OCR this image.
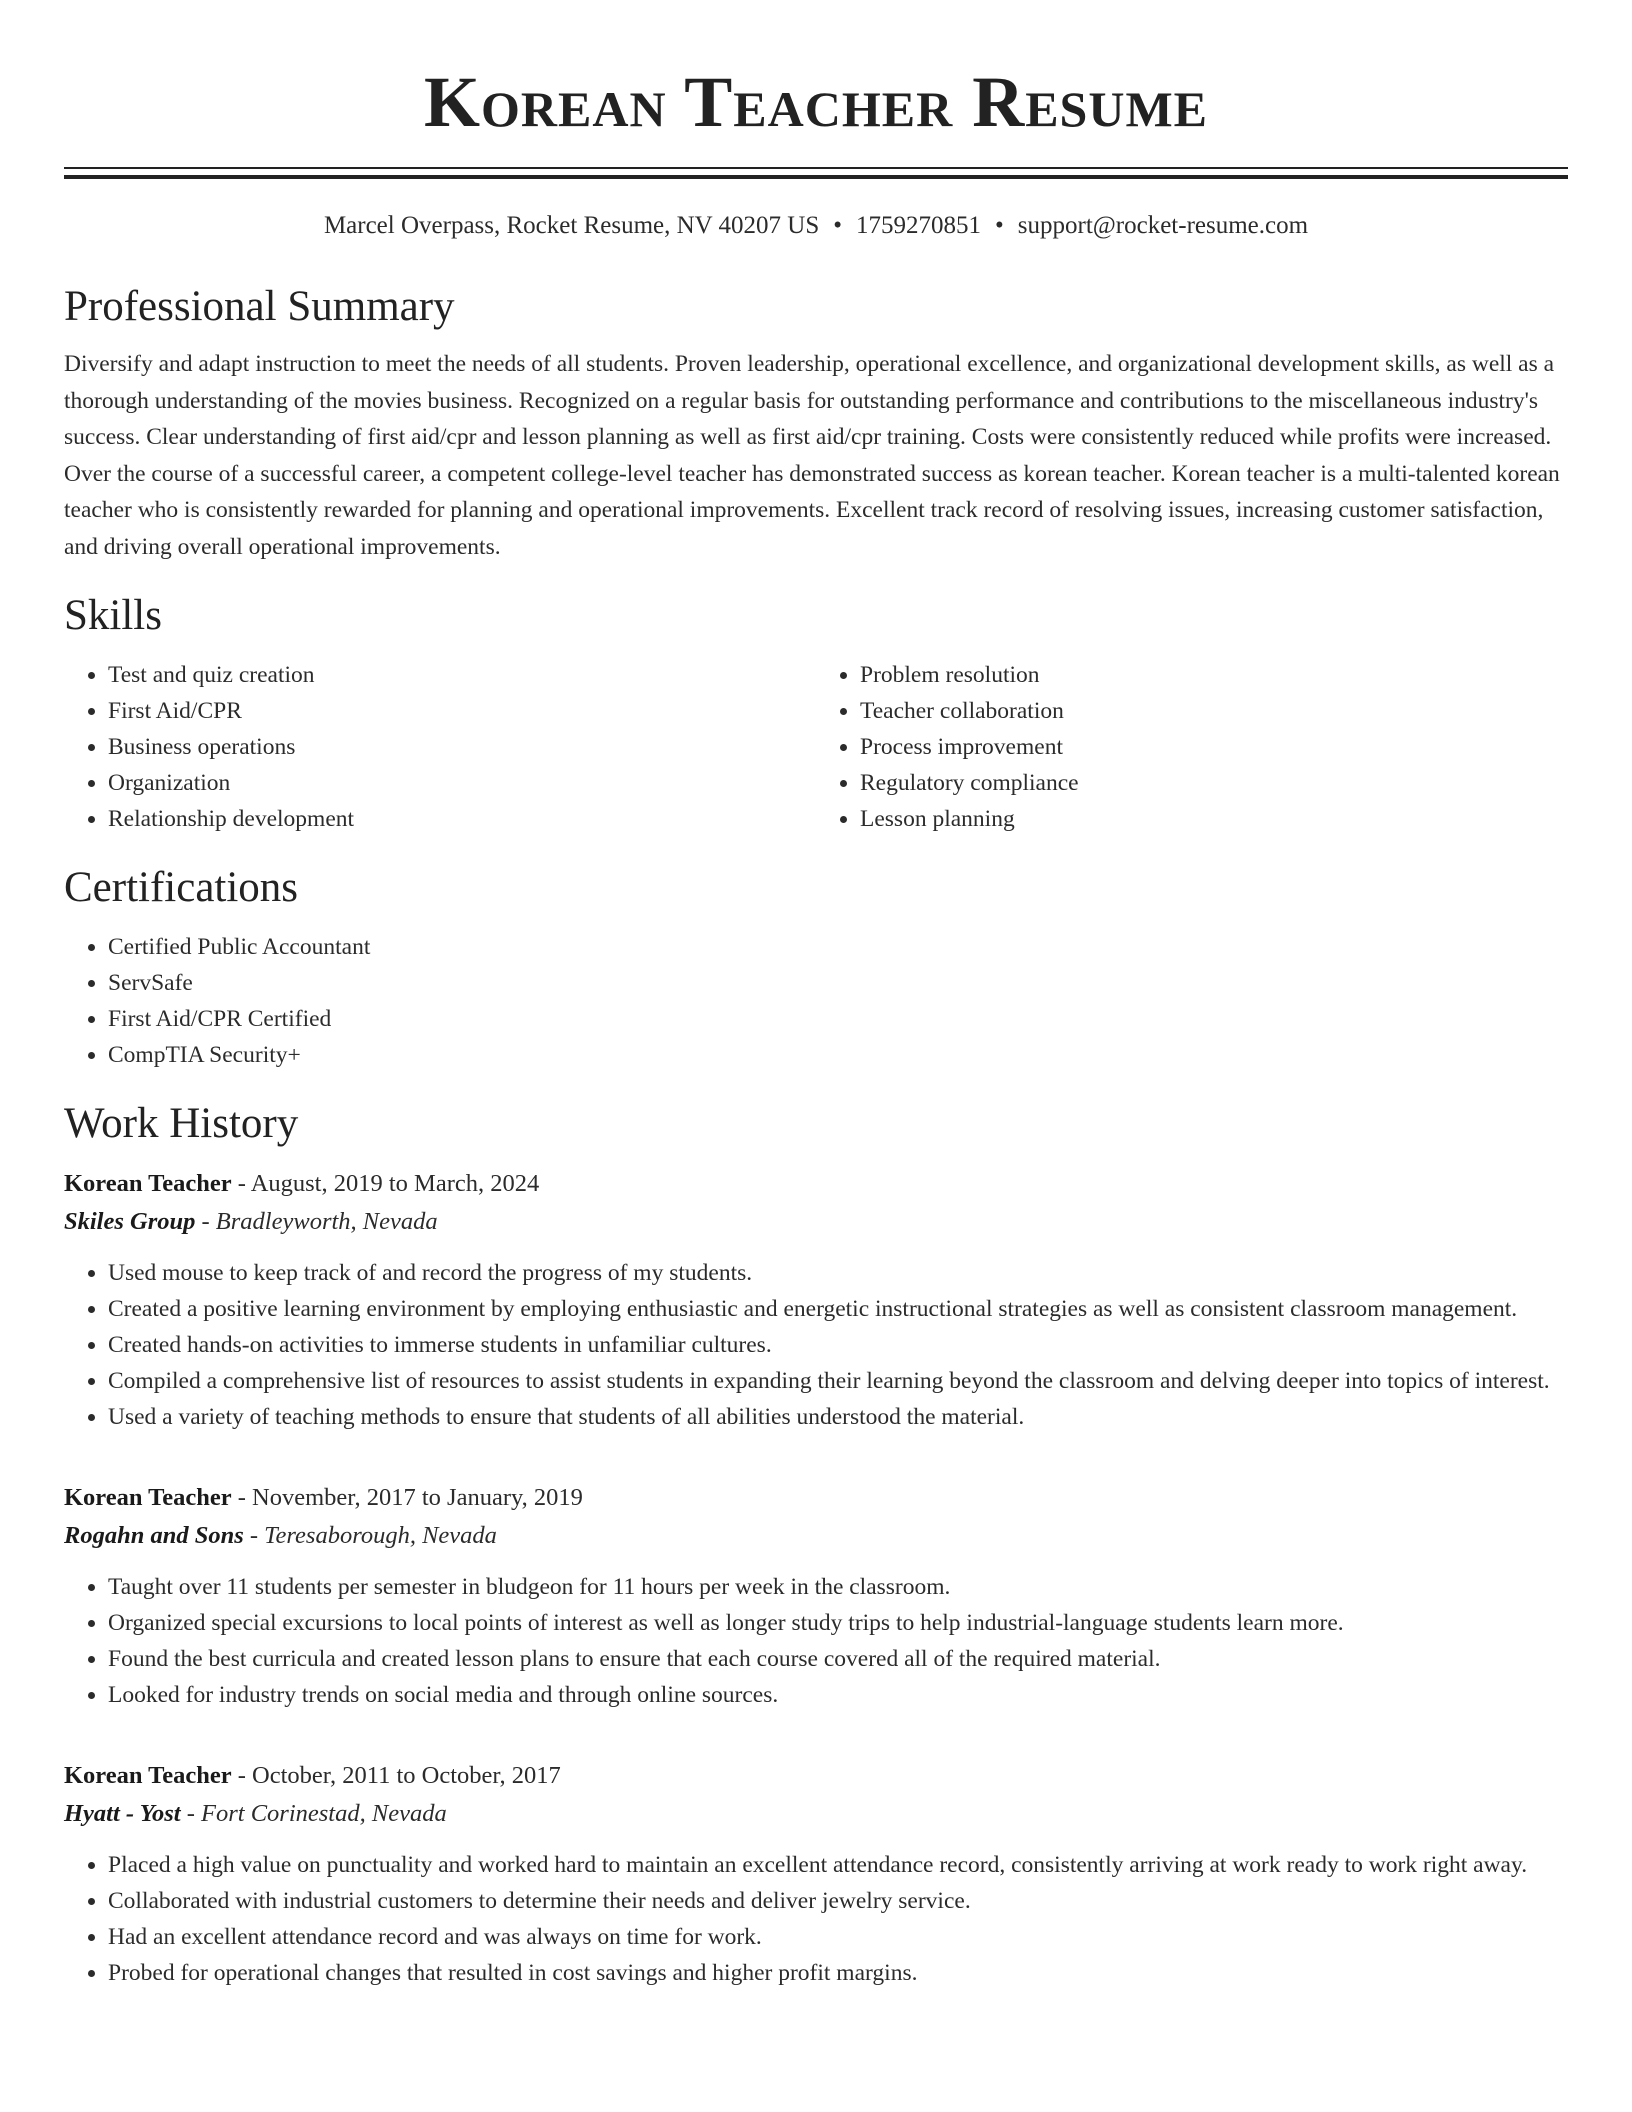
Korean Teacher Resume
Marcel Overpass, Rocket Resume, NV 40207 US • 1759270851 • support@rocket-resume.com
Professional Summary

Diversify and adapt instruction to meet the needs of all students. Proven leadership, operational excellence, and organizational development skills, as well as a thorough understanding of the movies business. Recognized on a regular basis for outstanding performance and contributions to the miscellaneous industry's success. Clear understanding of first aid/cpr and lesson planning as well as first aid/cpr training. Costs were consistently reduced while profits were increased. Over the course of a successful career, a competent college-level teacher has demonstrated success as korean teacher. Korean teacher is a multi-talented korean teacher who is consistently rewarded for planning and operational improvements. Excellent track record of resolving issues, increasing customer satisfaction, and driving overall operational improvements.

Skills
• Test and quiz creation
• First Aid/CPR
• Business operations
• Organization
• Relationship development
• Problem resolution
• Teacher collaboration
• Process improvement
• Regulatory compliance
• Lesson planning
Certifications
• Certified Public Accountant
• ServSafe
• First Aid/CPR Certified
• CompTIA Security+
Work History
Korean Teacher - August, 2019 to March, 2024
Skiles Group - Bradleyworth, Nevada
• Used mouse to keep track of and record the progress of my students.
• Created a positive learning environment by employing enthusiastic and energetic instructional strategies as well as consistent classroom management.
• Created hands-on activities to immerse students in unfamiliar cultures.
• Compiled a comprehensive list of resources to assist students in expanding their learning beyond the classroom and delving deeper into topics of interest.
• Used a variety of teaching methods to ensure that students of all abilities understood the material.
Korean Teacher - November, 2017 to January, 2019
Rogahn and Sons - Teresaborough, Nevada
• Taught over 11 students per semester in bludgeon for 11 hours per week in the classroom.
• Organized special excursions to local points of interest as well as longer study trips to help industrial-language students learn more.
• Found the best curricula and created lesson plans to ensure that each course covered all of the required material.
• Looked for industry trends on social media and through online sources.
Korean Teacher - October, 2011 to October, 2017
Hyatt - Yost - Fort Corinestad, Nevada
• Placed a high value on punctuality and worked hard to maintain an excellent attendance record, consistently arriving at work ready to work right away.
• Collaborated with industrial customers to determine their needs and deliver jewelry service.
• Had an excellent attendance record and was always on time for work.
• Probed for operational changes that resulted in cost savings and higher profit margins.
